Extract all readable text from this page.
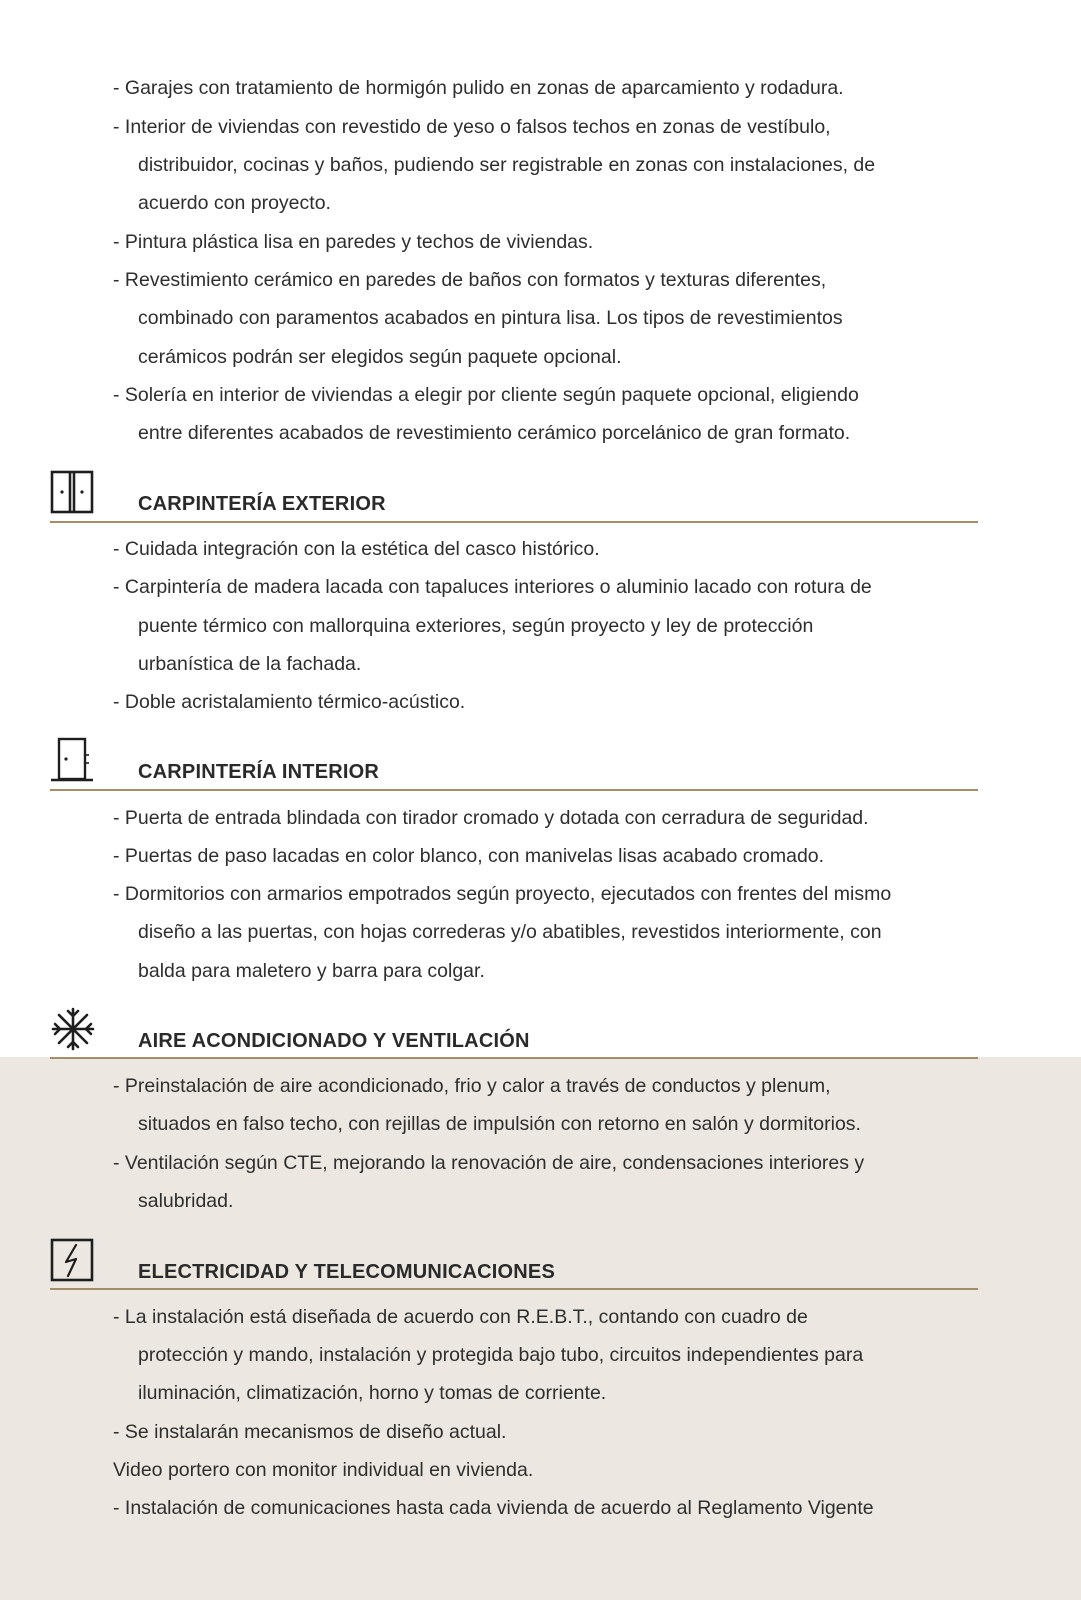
- Garajes con tratamiento de hormigón pulido en zonas de aparcamiento y rodadura.
- Interior de viviendas con revestido de yeso o falsos techos en zonas de vestíbulo,
distribuidor, cocinas y baños, pudiendo ser registrable en zonas con instalaciones, de
acuerdo con proyecto.
- Pintura plástica lisa en paredes y techos de viviendas.
- Revestimiento cerámico en paredes de baños con formatos y texturas diferentes,
combinado con paramentos acabados en pintura lisa. Los tipos de revestimientos
cerámicos podrán ser elegidos según paquete opcional.
- Solería en interior de viviendas a elegir por cliente según paquete opcional, eligiendo
entre diferentes acabados de revestimiento cerámico porcelánico de gran formato.
CARPINTERÍA EXTERIOR
- Cuidada integración con la estética del casco histórico.
- Carpintería de madera lacada con tapaluces interiores o aluminio lacado con rotura de
puente térmico con mallorquina exteriores, según proyecto y ley de protección
urbanística de la fachada.
- Doble acristalamiento térmico-acústico.
CARPINTERÍA INTERIOR
- Puerta de entrada blindada con tirador cromado y dotada con cerradura de seguridad.
- Puertas de paso lacadas en color blanco, con manivelas lisas acabado cromado.
- Dormitorios con armarios empotrados según proyecto, ejecutados con frentes del mismo
diseño a las puertas, con hojas correderas y/o abatibles, revestidos interiormente, con
balda para maletero y barra para colgar.
AIRE ACONDICIONADO Y VENTILACIÓN
- Preinstalación de aire acondicionado, frio y calor a través de conductos y plenum,
situados en falso techo, con rejillas de impulsión con retorno en salón y dormitorios.
- Ventilación según CTE, mejorando la renovación de aire, condensaciones interiores y
salubridad.
ELECTRICIDAD Y TELECOMUNICACIONES
- La instalación está diseñada de acuerdo con R.E.B.T., contando con cuadro de
protección y mando, instalación y protegida bajo tubo, circuitos independientes para
iluminación, climatización, horno y tomas de corriente.
- Se instalarán mecanismos de diseño actual.
Video portero con monitor individual en vivienda.
- Instalación de comunicaciones hasta cada vivienda de acuerdo al Reglamento Vigente
